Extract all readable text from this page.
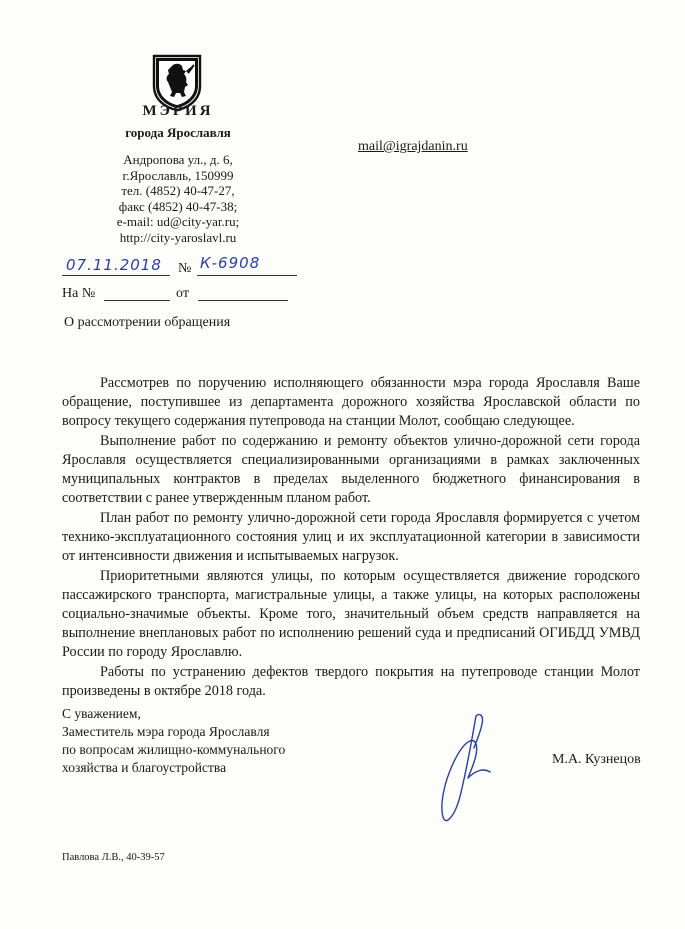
МЭРИЯ
города Ярославля
Андропова ул., д. 6,
г.Ярославль, 150999
тел. (4852) 40-47-27,
факс (4852) 40-47-38;
e-mail: ud@city-yar.ru;
http://city-yaroslavl.ru
mail@igrajdanin.ru
07.11.2018 № К-6908
На №	от
О рассмотрении обращения

Рассмотрев по поручению исполняющего обязанности мэра города Ярославля Ваше обращение, поступившее из департамента дорожного хозяйства Ярославской области по вопросу текущего содержания путепровода на станции Молот, сообщаю следующее.

Выполнение работ по содержанию и ремонту объектов улично-дорожной сети города Ярославля осуществляется специализированными организациями в рамках заключенных муниципальных контрактов в пределах выделенного бюджетного финансирования в соответствии с ранее утвержденным планом работ.

План работ по ремонту улично-дорожной сети города Ярославля формируется с учетом технико-эксплуатационного состояния улиц и их эксплуатационной категории в зависимости от интенсивности движения и испытываемых нагрузок.

Приоритетными являются улицы, по которым осуществляется движение городского пассажирского транспорта, магистральные улицы, а также улицы, на которых расположены социально-значимые объекты. Кроме того, значительный объем средств направляется на выполнение внеплановых работ по исполнению решений суда и предписаний ОГИБДД УМВД России по городу Ярославлю.

Работы по устранению дефектов твердого покрытия на путепроводе станции Молот произведены в октябре 2018 года.

С уважением,
Заместитель мэра города Ярославля
по вопросам жилищно-коммунального
хозяйства и благоустройства
М.А. Кузнецов
Павлова Л.В., 40-39-57
